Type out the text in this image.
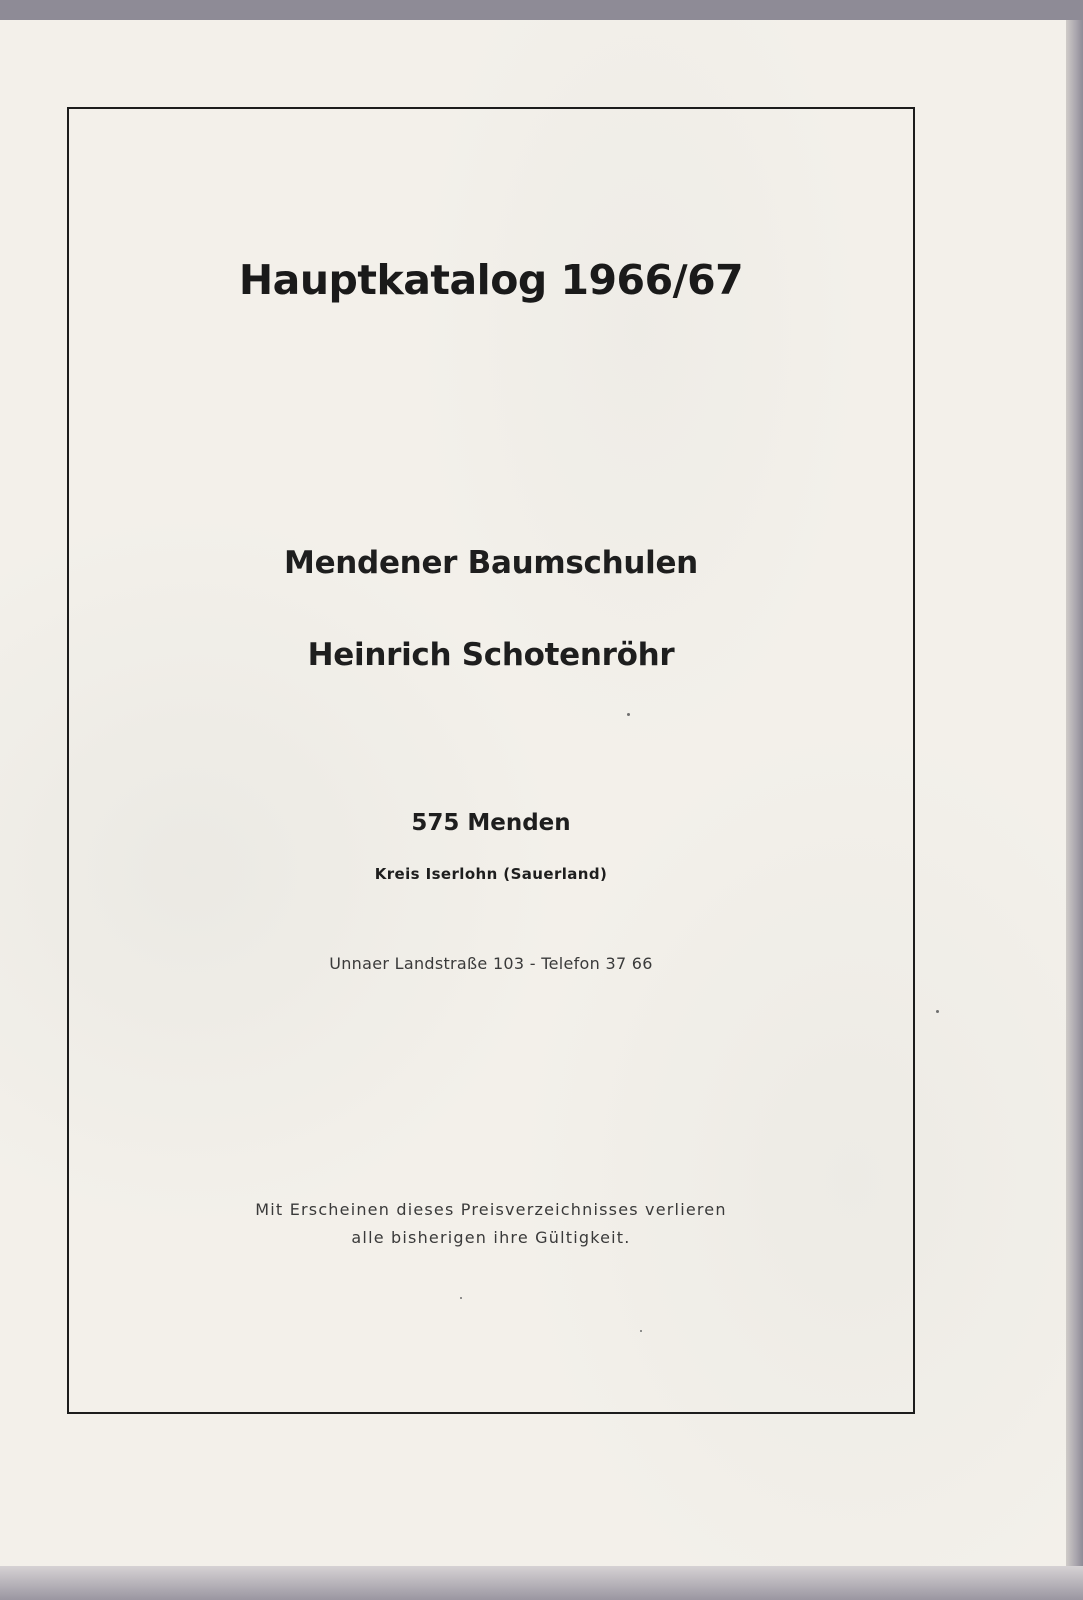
Hauptkatalog 1966/67
Mendener Baumschulen
Heinrich Schotenröhr
575 Menden
Kreis Iserlohn (Sauerland)
Unnaer Landstraße 103 - Telefon 37 66
Mit Erscheinen dieses Preisverzeichnisses verlieren
alle bisherigen ihre Gültigkeit.
